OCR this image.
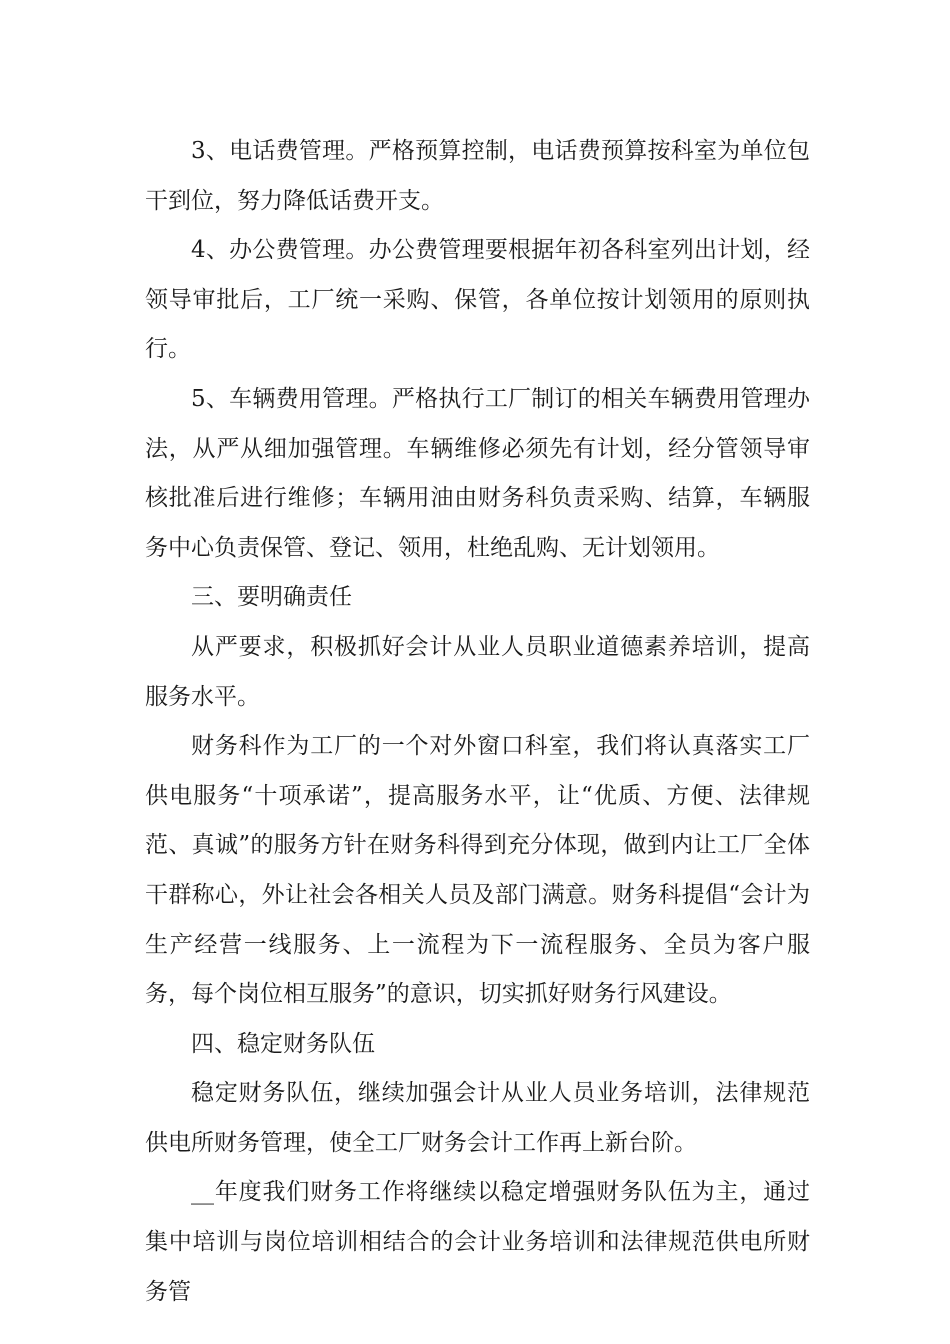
3、电话费管理。严格预算控制，电话费预算按科室为单位包干到位，努力降低话费开支。

4、办公费管理。办公费管理要根据年初各科室列出计划，经领导审批后，工厂统一采购、保管，各单位按计划领用的原则执行。

5、车辆费用管理。严格执行工厂制订的相关车辆费用管理办法，从严从细加强管理。车辆维修必须先有计划，经分管领导审核批准后进行维修；车辆用油由财务科负责采购、结算，车辆服务中心负责保管、登记、领用，杜绝乱购、无计划领用。

三、要明确责任

从严要求，积极抓好会计从业人员职业道德素养培训，提高服务水平。

财务科作为工厂的一个对外窗口科室，我们将认真落实工厂供电服务“十项承诺”，提高服务水平，让“优质、方便、法律规范、真诚”的服务方针在财务科得到充分体现，做到内让工厂全体干群称心，外让社会各相关人员及部门满意。财务科提倡“会计为生产经营一线服务、上一流程为下一流程服务、全员为客户服务，每个岗位相互服务”的意识，切实抓好财务行风建设。

四、稳定财务队伍

稳定财务队伍，继续加强会计从业人员业务培训，法律规范供电所财务管理，使全工厂财务会计工作再上新台阶。

__年度我们财务工作将继续以稳定增强财务队伍为主，通过集中培训与岗位培训相结合的会计业务培训和法律规范供电所财务管
